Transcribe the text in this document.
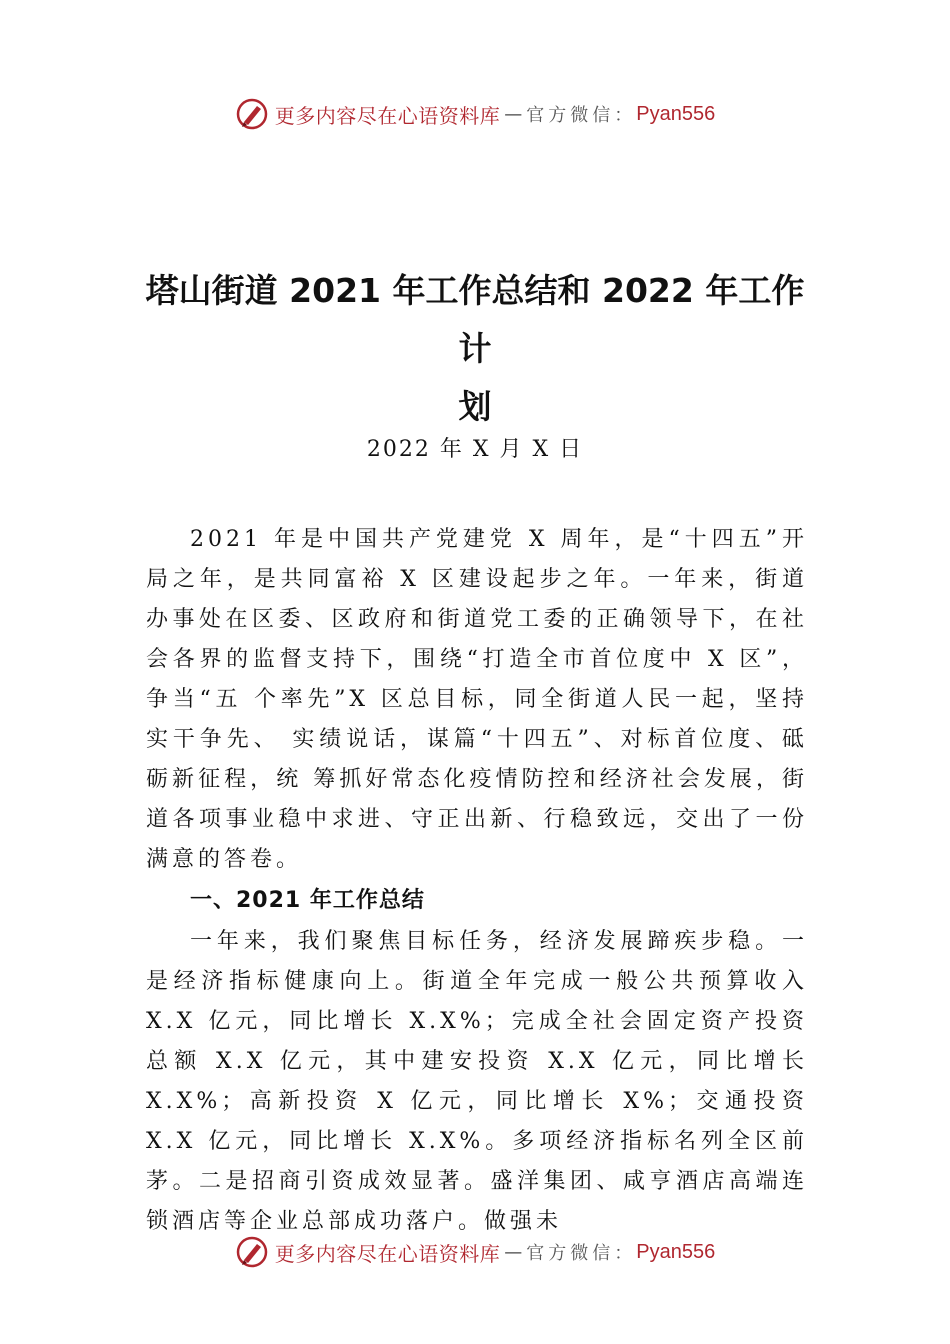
更多内容尽在心语资料库 — 官方微信： Pyan556
塔山街道 2021 年工作总结和 2022 年工作
计
划
2022 年 X 月 X 日

2021 年是中国共产党建党 X 周年，是“十四五”开局之年，是共同富裕 X 区建设起步之年。一年来，街道办事处在区委、区政府和街道党工委的正确领导下，在社会各界的监督支持下，围绕“打造全市首位度中 X 区”，争当“五 个率先”X 区总目标，同全街道人民一起，坚持实干争先、 实绩说话，谋篇“十四五”、对标首位度、砥砺新征程，统 筹抓好常态化疫情防控和经济社会发展，街道各项事业稳中求进、守正出新、行稳致远，交出了一份满意的答卷。

一、2021 年工作总结

一年来，我们聚焦目标任务，经济发展蹄疾步稳。一是经济指标健康向上。街道全年完成一般公共预算收入 X.X 亿元，同比增长 X.X%；完成全社会固定资产投资总额 X.X 亿元，其中建安投资 X.X 亿元，同比增长 X.X%；高新投资 X 亿元，同比增长 X%；交通投资 X.X 亿元，同比增长 X.X%。多项经济指标名列全区前茅。二是招商引资成效显著。盛洋集团、咸亨酒店高端连锁酒店等企业总部成功落户。做强未

更多内容尽在心语资料库 — 官方微信： Pyan556
